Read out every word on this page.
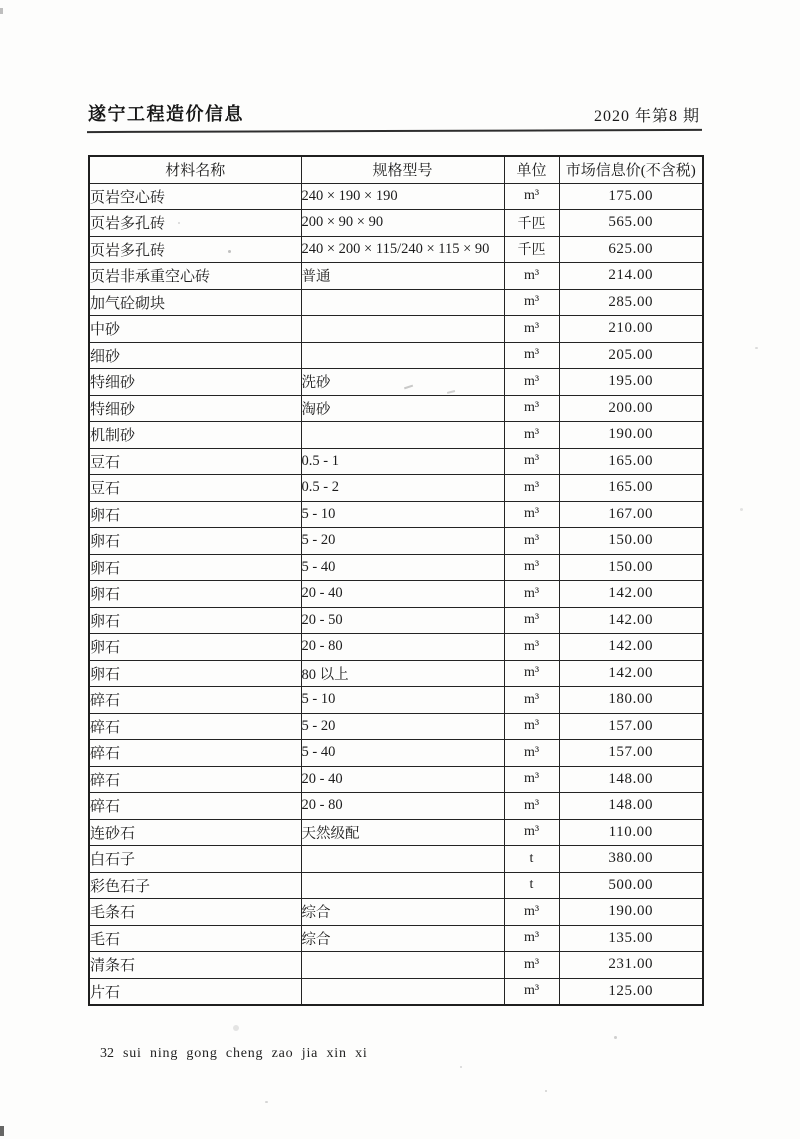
遂宁工程造价信息	2020 年第8 期
材料名称	规格型号	单位	市场信息价(不含税)
页岩空心砖	240 × 190 × 190	m³	175.00
页岩多孔砖	200 × 90 × 90	千匹	565.00
页岩多孔砖	240 × 200 × 115/240 × 115 × 90	千匹	625.00
页岩非承重空心砖	普通	m³	214.00
加气砼砌块		m³	285.00
中砂		m³	210.00
细砂		m³	205.00
特细砂	洗砂	m³	195.00
特细砂	淘砂	m³	200.00
机制砂		m³	190.00
豆石	0.5 - 1	m³	165.00
豆石	0.5 - 2	m³	165.00
卵石	5 - 10	m³	167.00
卵石	5 - 20	m³	150.00
卵石	5 - 40	m³	150.00
卵石	20 - 40	m³	142.00
卵石	20 - 50	m³	142.00
卵石	20 - 80	m³	142.00
卵石	80 以上	m³	142.00
碎石	5 - 10	m³	180.00
碎石	5 - 20	m³	157.00
碎石	5 - 40	m³	157.00
碎石	20 - 40	m³	148.00
碎石	20 - 80	m³	148.00
连砂石	天然级配	m³	110.00
白石子		t	380.00
彩色石子		t	500.00
毛条石	综合	m³	190.00
毛石	综合	m³	135.00
清条石		m³	231.00
片石		m³	125.00
32 sui ning gong cheng zao jia xin xi
